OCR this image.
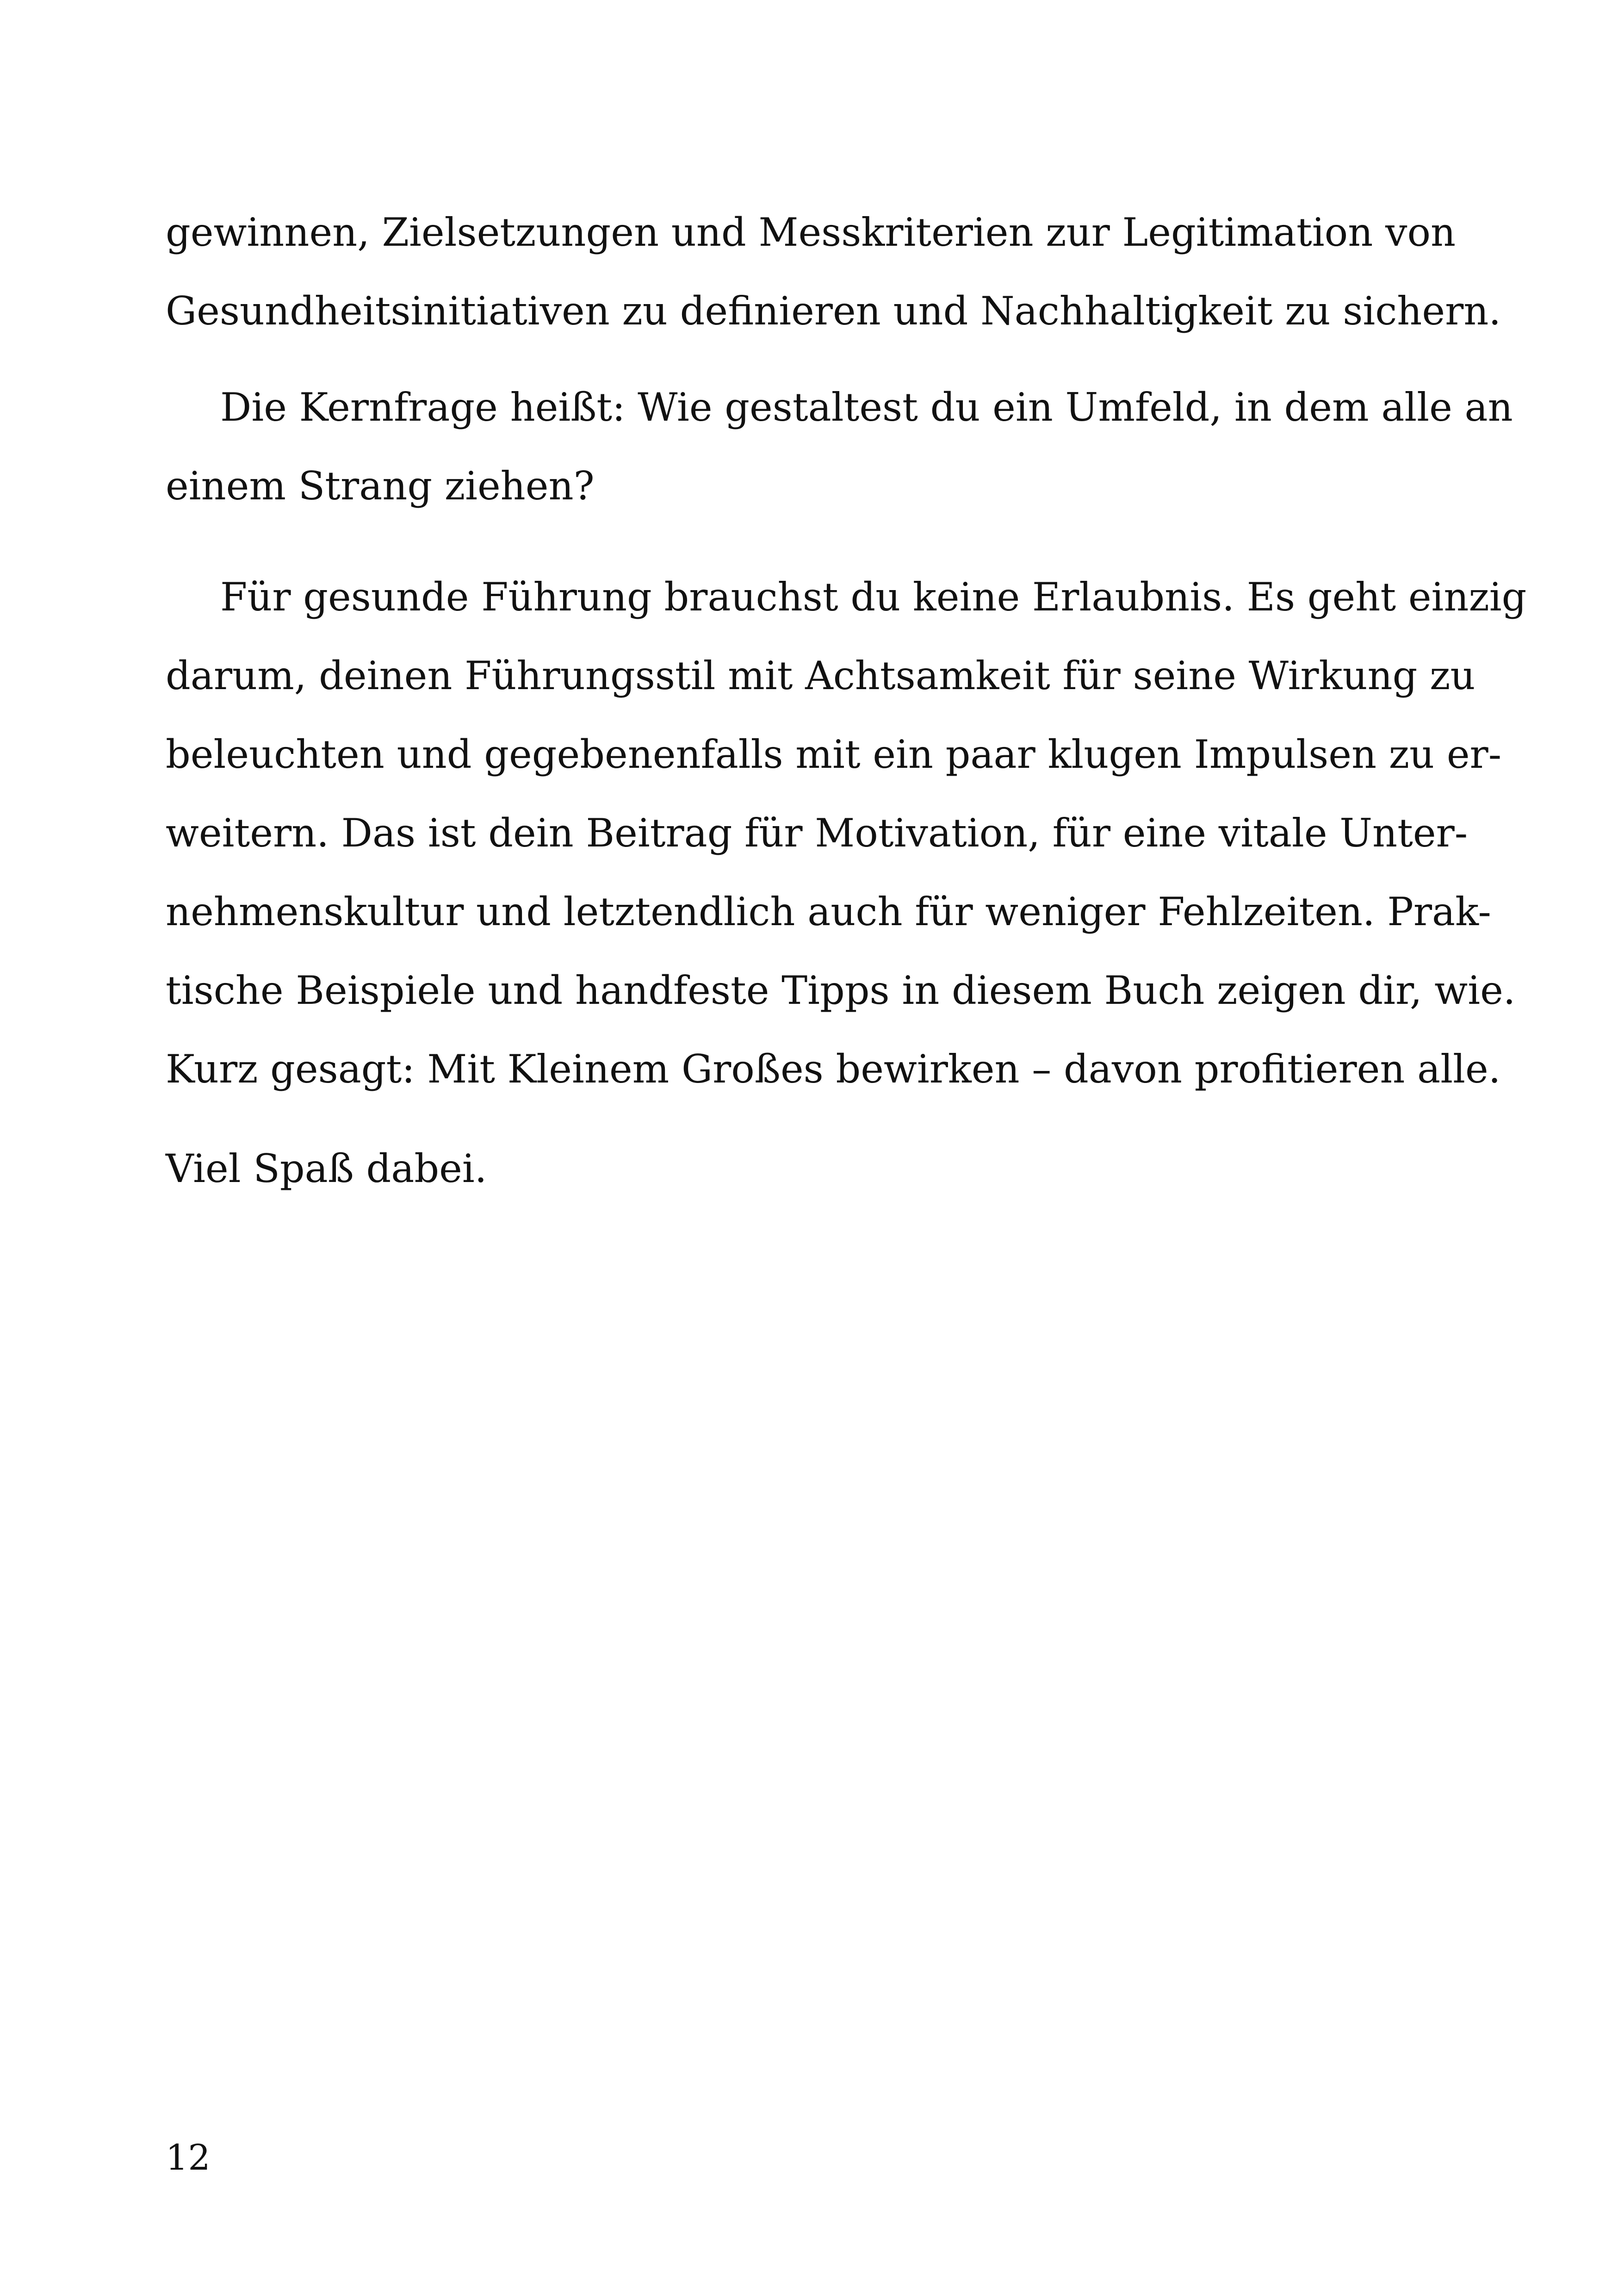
gewinnen, Zielsetzungen und Messkriterien zur Legitimation von
Gesundheitsinitiativen zu definieren und Nachhaltigkeit zu sichern.
Die Kernfrage heißt: Wie gestaltest du ein Umfeld, in dem alle an
einem Strang ziehen?
Für gesunde Führung brauchst du keine Erlaubnis. Es geht einzig
darum, deinen Führungsstil mit Achtsamkeit für seine Wirkung zu
beleuchten und gegebenenfalls mit ein paar klugen Impulsen zu er-
weitern. Das ist dein Beitrag für Motivation, für eine vitale Unter-
nehmenskultur und letztendlich auch für weniger Fehlzeiten. Prak-
tische Beispiele und handfeste Tipps in diesem Buch zeigen dir, wie.
Kurz gesagt: Mit Kleinem Großes bewirken – davon profitieren alle.
Viel Spaß dabei.
12
